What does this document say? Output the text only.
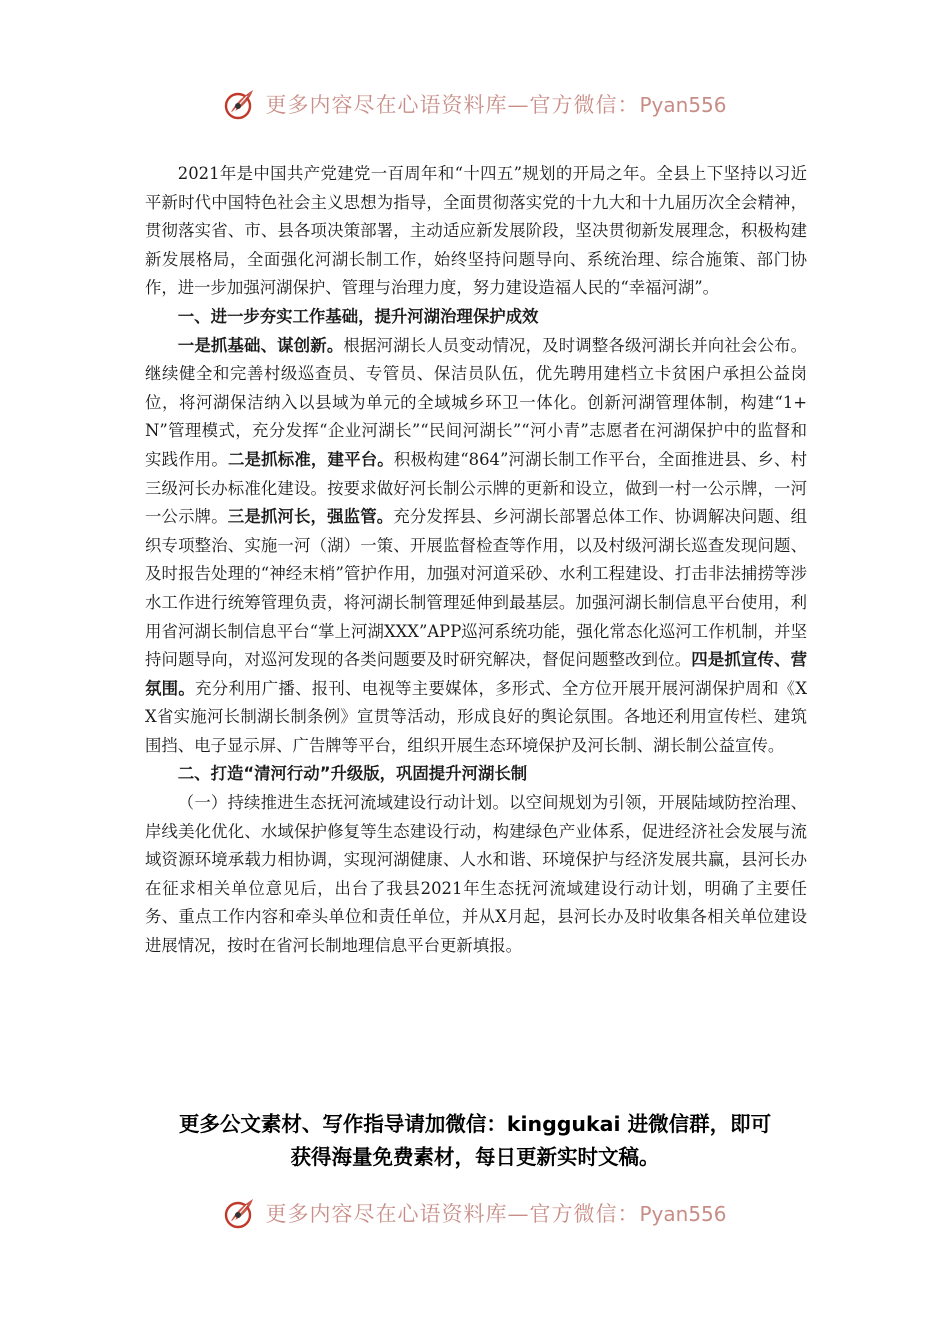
更多内容尽在心语资料库—官方微信：Pyan556

2021年是中国共产党建党一百周年和“十四五”规划的开局之年。全县上下坚持以习近平新时代中国特色社会主义思想为指导，全面贯彻落实党的十九大和十九届历次全会精神，贯彻落实省、市、县各项决策部署，主动适应新发展阶段，坚决贯彻新发展理念，积极构建新发展格局，全面强化河湖长制工作，始终坚持问题导向、系统治理、综合施策、部门协作，进一步加强河湖保护、管理与治理力度，努力建设造福人民的“幸福河湖”。

一、进一步夯实工作基础，提升河湖治理保护成效

一是抓基础、谋创新。根据河湖长人员变动情况，及时调整各级河湖长并向社会公布。继续健全和完善村级巡查员、专管员、保洁员队伍，优先聘用建档立卡贫困户承担公益岗位，将河湖保洁纳入以县域为单元的全域城乡环卫一体化。创新河湖管理体制，构建“1+N”管理模式，充分发挥“企业河湖长”“民间河湖长”“河小青”志愿者在河湖保护中的监督和实践作用。二是抓标准，建平台。积极构建“864”河湖长制工作平台，全面推进县、乡、村三级河长办标准化建设。按要求做好河长制公示牌的更新和设立，做到一村一公示牌，一河一公示牌。三是抓河长，强监管。充分发挥县、乡河湖长部署总体工作、协调解决问题、组织专项整治、实施一河（湖）一策、开展监督检查等作用，以及村级河湖长巡查发现问题、及时报告处理的“神经末梢”管护作用，加强对河道采砂、水利工程建设、打击非法捕捞等涉水工作进行统筹管理负责，将河湖长制管理延伸到最基层。加强河湖长制信息平台使用，利用省河湖长制信息平台“掌上河湖XXX”APP巡河系统功能，强化常态化巡河工作机制，并坚持问题导向，对巡河发现的各类问题要及时研究解决，督促问题整改到位。四是抓宣传、营氛围。充分利用广播、报刊、电视等主要媒体，多形式、全方位开展开展河湖保护周和《XX省实施河长制湖长制条例》宣贯等活动，形成良好的舆论氛围。各地还利用宣传栏、建筑围挡、电子显示屏、广告牌等平台，组织开展生态环境保护及河长制、湖长制公益宣传。

二、打造“清河行动”升级版，巩固提升河湖长制

（一）持续推进生态抚河流域建设行动计划。以空间规划为引领，开展陆域防控治理、岸线美化优化、水域保护修复等生态建设行动，构建绿色产业体系，促进经济社会发展与流域资源环境承载力相协调，实现河湖健康、人水和谐、环境保护与经济发展共赢，县河长办在征求相关单位意见后，出台了我县2021年生态抚河流域建设行动计划，明确了主要任务、重点工作内容和牵头单位和责任单位，并从X月起，县河长办及时收集各相关单位建设进展情况，按时在省河长制地理信息平台更新填报。

更多公文素材、写作指导请加微信：kinggukai 进微信群，即可
获得海量免费素材，每日更新实时文稿。
更多内容尽在心语资料库—官方微信：Pyan556
